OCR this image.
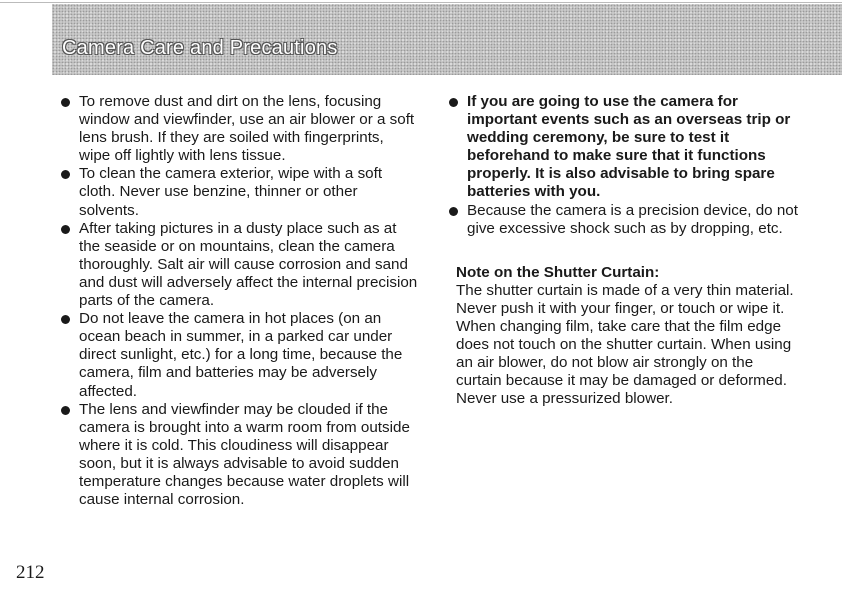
Camera Care and Precautions
To remove dust and dirt on the lens, focusing window and viewfinder, use an air blower or a soft lens brush. If they are soiled with fingerprints, wipe off lightly with lens tissue.
To clean the camera exterior, wipe with a soft cloth. Never use benzine, thinner or other solvents.
After taking pictures in a dusty place such as at the seaside or on mountains, clean the camera thoroughly. Salt air will cause corrosion and sand and dust will adversely affect the internal precision parts of the camera.
Do not leave the camera in hot places (on an ocean beach in summer, in a parked car under direct sunlight, etc.) for a long time, because the camera, film and batteries may be adversely affected.
The lens and viewfinder may be clouded if the camera is brought into a warm room from outside where it is cold. This cloudiness will disappear soon, but it is always advisable to avoid sudden temperature changes because water droplets will cause internal corrosion.
If you are going to use the camera for important events such as an overseas trip or wedding ceremony, be sure to test it beforehand to make sure that it functions properly. It is also advisable to bring spare batteries with you.
Because the camera is a precision device, do not give excessive shock such as by dropping, etc.

Note on the Shutter Curtain:

The shutter curtain is made of a very thin material. Never push it with your finger, or touch or wipe it. When changing film, take care that the film edge does not touch on the shutter curtain. When using an air blower, do not blow air strongly on the curtain because it may be damaged or deformed. Never use a pressurized blower.

212
